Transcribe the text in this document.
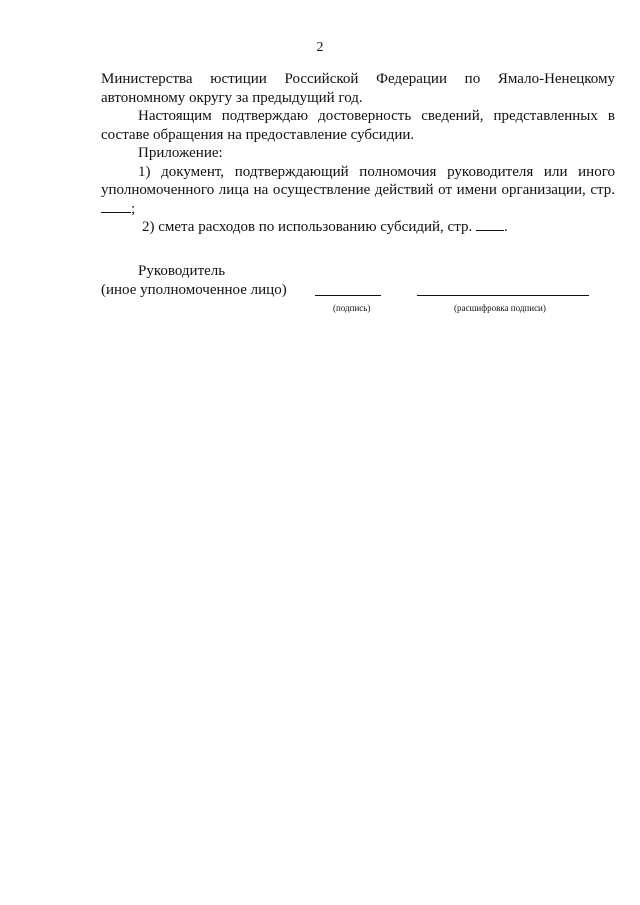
2

Министерства юстиции Российской Федерации по Ямало-Ненецкому

автономному округу за предыдущий год.

Настоящим подтверждаю достоверность сведений, представленных в составе обращения на предоставление субсидии.

Приложение:

1) документ, подтверждающий полномочия руководителя или иного уполномоченного лица на осуществление действий от имени организации, стр. ;

2) смета расходов по использованию субсидий, стр. .

Руководитель

(иное уполномоченное лицо)

(подпись)	(расшифровка подписи)
